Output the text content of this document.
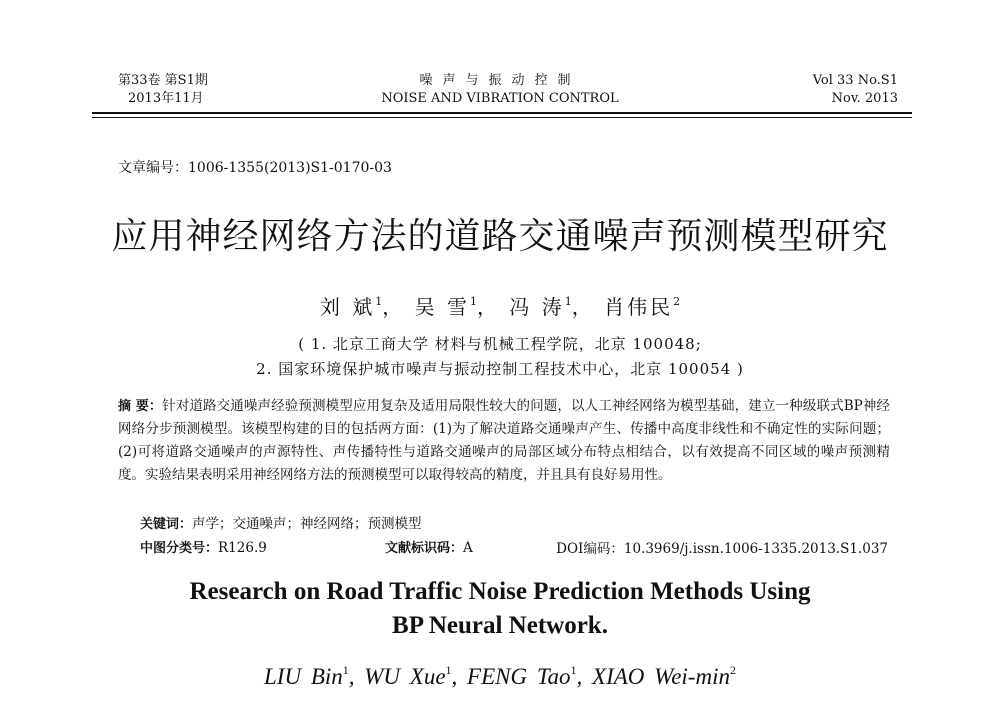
第33卷 第S1期
2013年11月
噪声与振动控制
NOISE AND VIBRATION CONTROL
Vol 33 No.S1
Nov. 2013
文章编号：1006-1355(2013)S1-0170-03
应用神经网络方法的道路交通噪声预测模型研究
刘 斌$^1$， 吴 雪$^1$， 冯 涛$^1$， 肖伟民$^2$
( 1. 北京工商大学 材料与机械工程学院，北京 100048;
2. 国家环境保护城市噪声与振动控制工程技术中心，北京 100054 )
摘 要：针对道路交通噪声经验预测模型应用复杂及适用局限性较大的问题，以人工神经网络为模型基础，建立一种级联式BP神经网络分步预测模型。该模型构建的目的包括两方面：(1)为了解决道路交通噪声产生、传播中高度非线性和不确定性的实际问题；(2)可将道路交通噪声的声源特性、声传播特性与道路交通噪声的局部区域分布特点相结合，以有效提高不同区域的噪声预测精度。实验结果表明采用神经网络方法的预测模型可以取得较高的精度，并且具有良好易用性。
关键词：声学；交通噪声；神经网络；预测模型
中图分类号：R126.9	文献标识码：A	DOI编码：10.3969/j.issn.1006-1335.2013.S1.037
Research on Road Traffic Noise Prediction Methods Using
BP Neural Network.
LIU Bin$^1$, WU Xue$^1$, FENG Tao$^1$, XIAO Wei-$\min^2$
